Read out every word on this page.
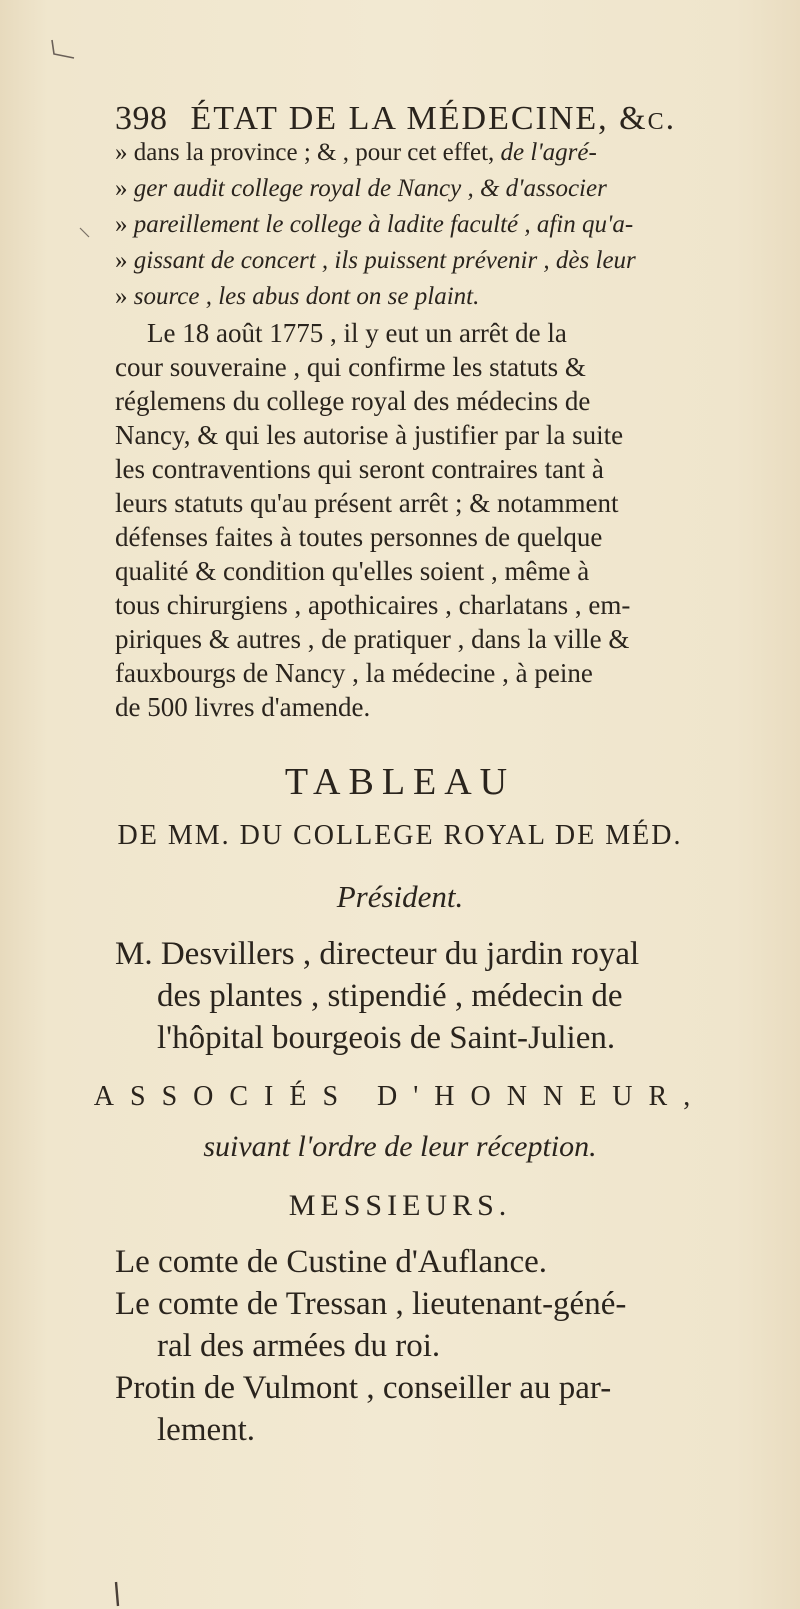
398 ÉTAT DE LA MÉDECINE, &c.
» dans la province ; & , pour cet effet, de l'agré-
» ger audit college royal de Nancy , & d'associer
» pareillement le college à ladite faculté , afin qu'a-
» gissant de concert , ils puissent prévenir , dès leur
» source , les abus dont on se plaint.
Le 18 août 1775 , il y eut un arrêt de la
cour souveraine , qui confirme les statuts &
réglemens du college royal des médecins de
Nancy, & qui les autorise à justifier par la suite
les contraventions qui seront contraires tant à
leurs statuts qu'au présent arrêt ; & notamment
défenses faites à toutes personnes de quelque
qualité & condition qu'elles soient , même à
tous chirurgiens , apothicaires , charlatans , em-
piriques & autres , de pratiquer , dans la ville &
fauxbourgs de Nancy , la médecine , à peine
de 500 livres d'amende.
TABLEAU
DE MM. DU COLLEGE ROYAL DE MÉD.
Président.
M. Desvillers , directeur du jardin royal
des plantes , stipendié , médecin de
l'hôpital bourgeois de Saint-Julien.
ASSOCIÉS D'HONNEUR,
suivant l'ordre de leur réception.
MESSIEURS.
Le comte de Custine d'Auflance.
Le comte de Tressan , lieutenant-géné-
ral des armées du roi.
Protin de Vulmont , conseiller au par-
lement.
